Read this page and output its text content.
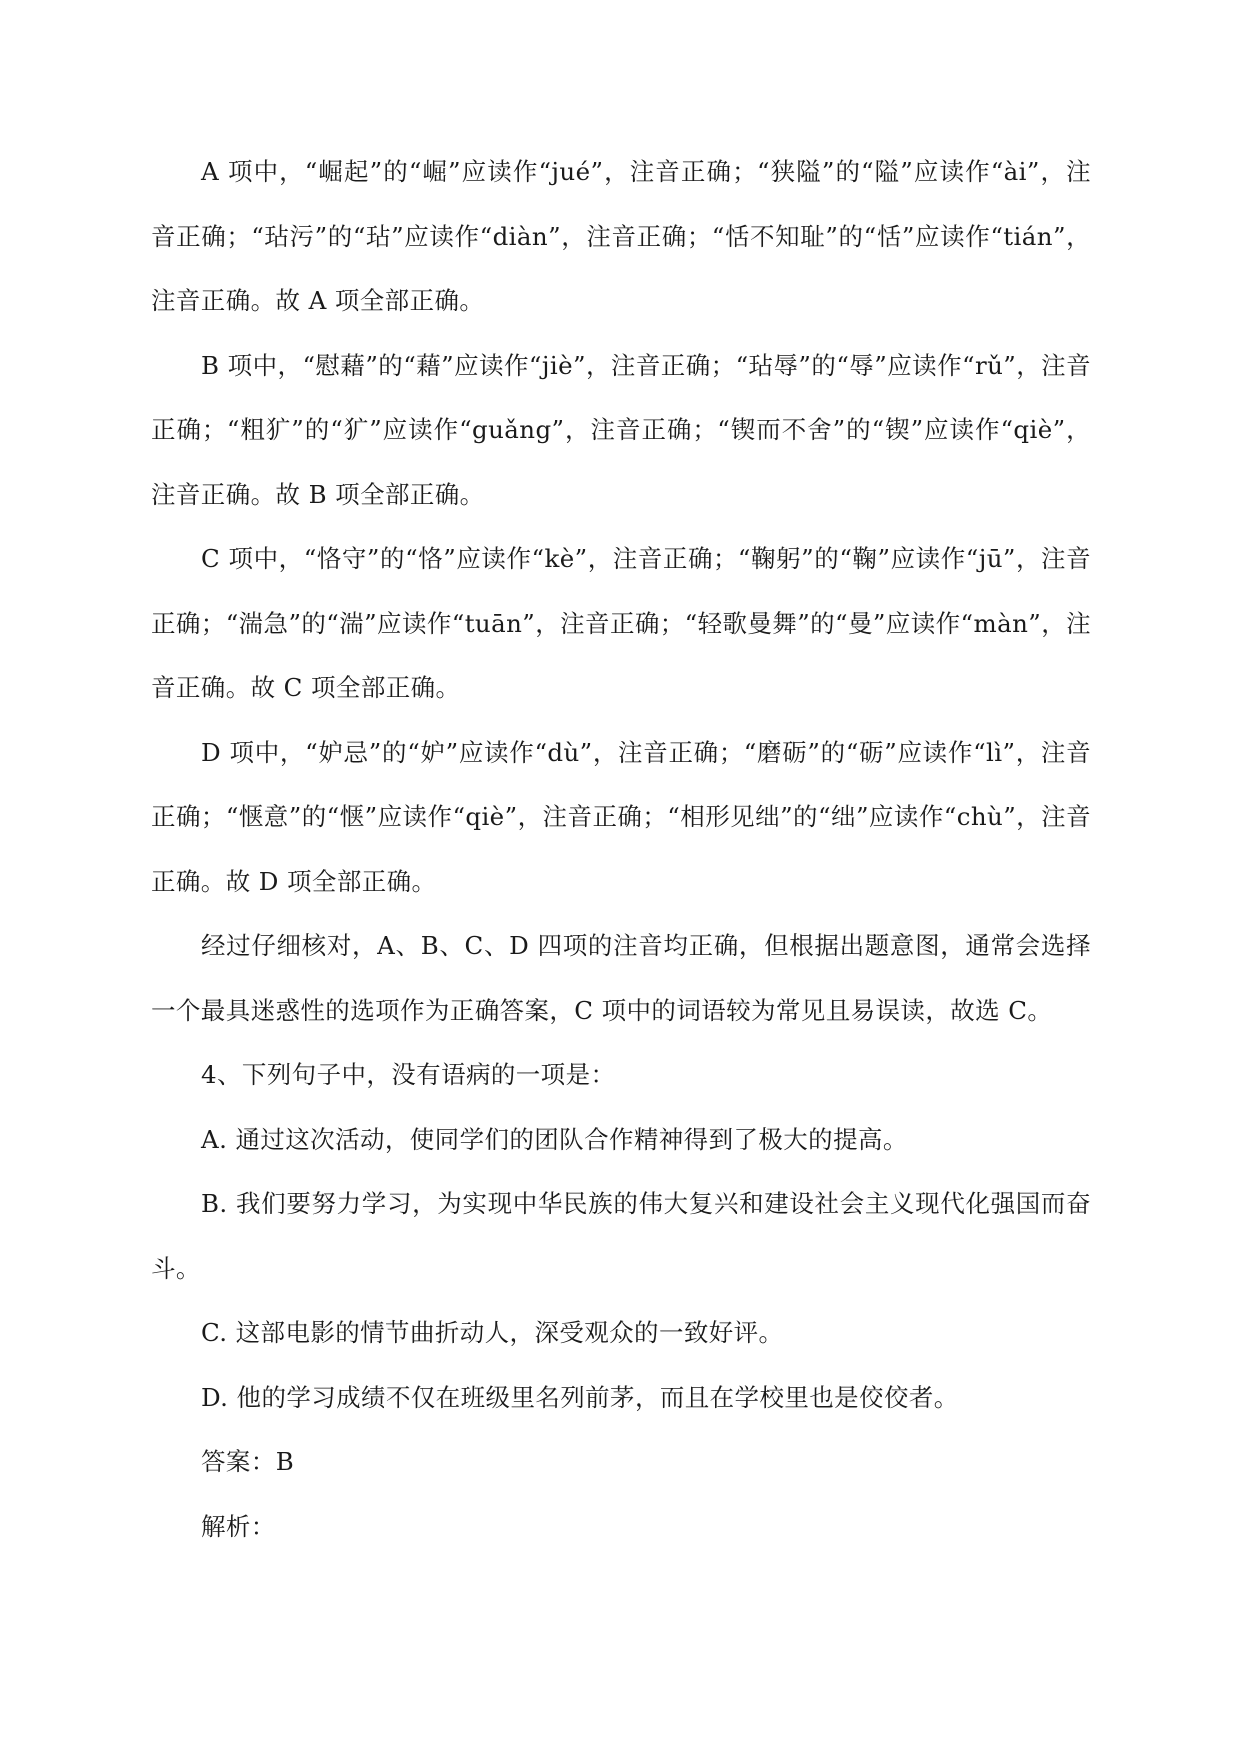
A 项中，“崛起”的“崛”应读作“jué”，注音正确；“狭隘”的“隘”应读作“ài”，注音正确；“玷污”的“玷”应读作“diàn”，注音正确；“恬不知耻”的“恬”应读作“tián”，注音正确。故 A 项全部正确。

B 项中，“慰藉”的“藉”应读作“jiè”，注音正确；“玷辱”的“辱”应读作“rǔ”，注音正确；“粗犷”的“犷”应读作“guǎng”，注音正确；“锲而不舍”的“锲”应读作“qiè”，注音正确。故 B 项全部正确。

C 项中，“恪守”的“恪”应读作“kè”，注音正确；“鞠躬”的“鞠”应读作“jū”，注音正确；“湍急”的“湍”应读作“tuān”，注音正确；“轻歌曼舞”的“曼”应读作“màn”，注音正确。故 C 项全部正确。

D 项中，“妒忌”的“妒”应读作“dù”，注音正确；“磨砺”的“砺”应读作“lì”，注音正确；“惬意”的“惬”应读作“qiè”，注音正确；“相形见绌”的“绌”应读作“chù”，注音正确。故 D 项全部正确。

经过仔细核对，A、B、C、D 四项的注音均正确，但根据出题意图，通常会选择一个最具迷惑性的选项作为正确答案，C 项中的词语较为常见且易误读，故选 C。

4、下列句子中，没有语病的一项是：

A. 通过这次活动，使同学们的团队合作精神得到了极大的提高。

B. 我们要努力学习，为实现中华民族的伟大复兴和建设社会主义现代化强国而奋斗。

C. 这部电影的情节曲折动人，深受观众的一致好评。

D. 他的学习成绩不仅在班级里名列前茅，而且在学校里也是佼佼者。

答案：B

解析：
